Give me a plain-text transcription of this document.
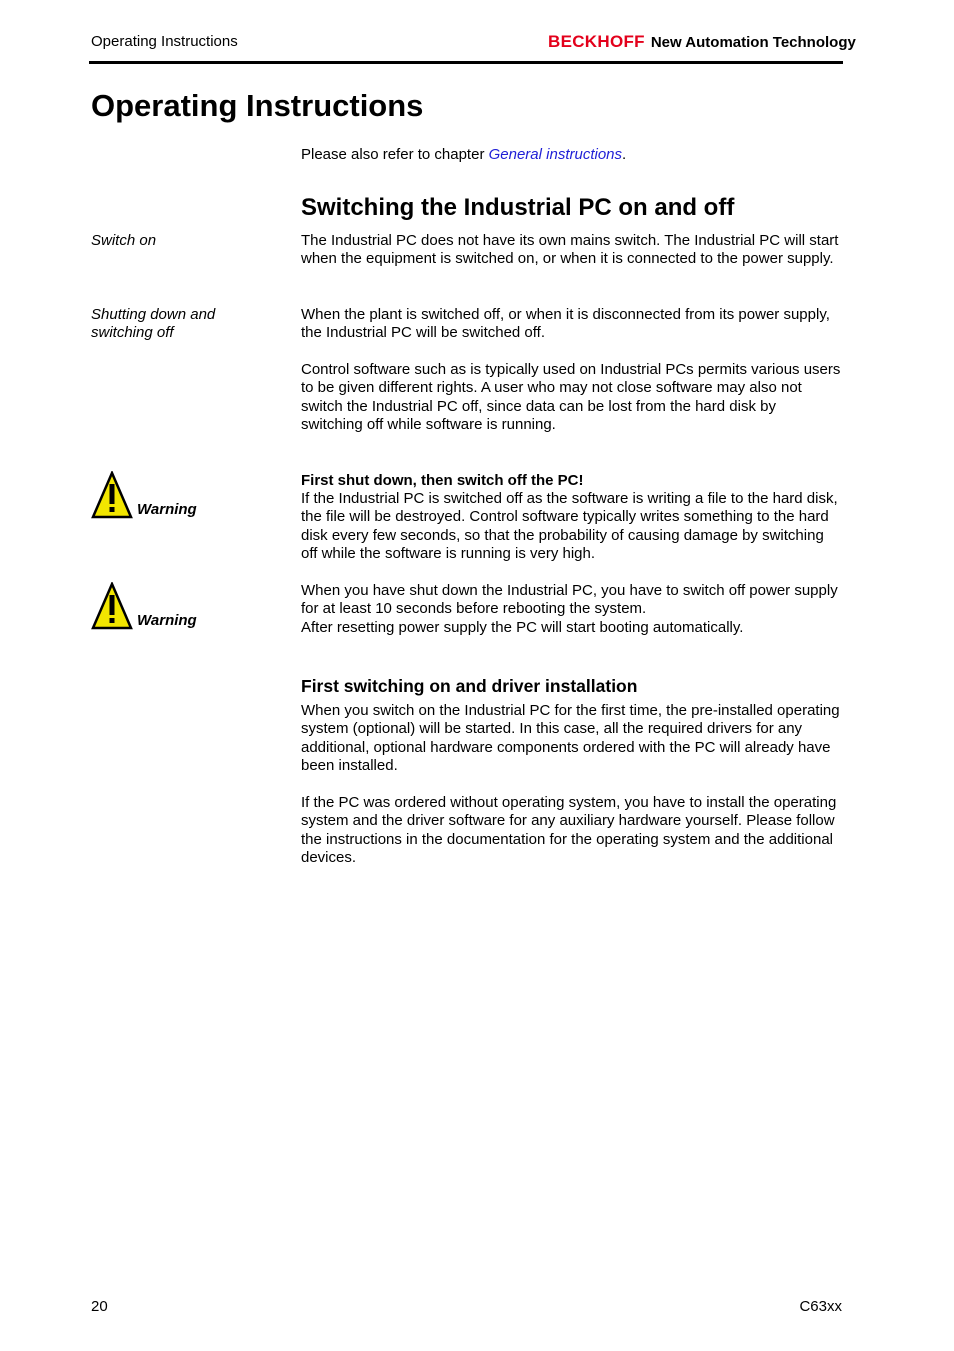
Operating Instructions	BECKHOFF New Automation Technology
Operating Instructions

Please also refer to chapter General instructions.

Switching the Industrial PC on and off
Switch on	The Industrial PC does not have its own mains switch. The Industrial PC will start when the equipment is switched on, or when it is connected to the power supply.

Shutting down and switching off

When the plant is switched off, or when it is disconnected from its power supply, the Industrial PC will be switched off.

Control software such as is typically used on Industrial PCs permits various users to be given different rights. A user who may not close software may also not switch the Industrial PC off, since data can be lost from the hard disk by switching off while software is running.

Warning

First shut down, then switch off the PC!

If the Industrial PC is switched off as the software is writing a file to the hard disk, the file will be destroyed. Control software typically writes something to the hard disk every few seconds, so that the probability of causing damage by switching off while the software is running is very high.

Warning

When you have shut down the Industrial PC, you have to switch off power supply for at least 10 seconds before rebooting the system.

After resetting power supply the PC will start booting automatically.

First switching on and driver installation

When you switch on the Industrial PC for the first time, the pre-installed operating system (optional) will be started. In this case, all the required drivers for any additional, optional hardware components ordered with the PC will already have been installed.

If the PC was ordered without operating system, you have to install the operating system and the driver software for any auxiliary hardware yourself. Please follow the instructions in the documentation for the operating system and the additional devices.

20	C63xx
